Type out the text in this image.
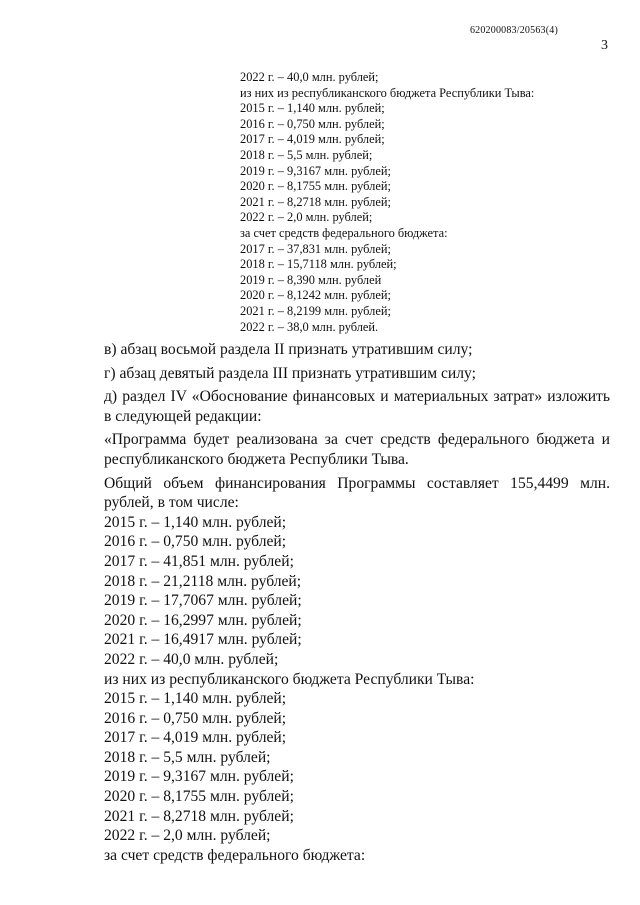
620200083/20563(4)
3
2022 г. – 40,0 млн. рублей;
из них из республиканского бюджета Республики Тыва:
2015 г. – 1,140 млн. рублей;
2016 г. – 0,750 млн. рублей;
2017 г. – 4,019 млн. рублей;
2018 г. – 5,5 млн. рублей;
2019 г. – 9,3167 млн. рублей;
2020 г. – 8,1755 млн. рублей;
2021 г. – 8,2718 млн. рублей;
2022 г. – 2,0 млн. рублей;
за счет средств федерального бюджета:
2017 г. – 37,831 млн. рублей;
2018 г. – 15,7118 млн. рублей;
2019 г. – 8,390 млн. рублей
2020 г. – 8,1242 млн. рублей;
2021 г. – 8,2199 млн. рублей;
2022 г. – 38,0 млн. рублей.
в) абзац восьмой раздела II признать утратившим силу;
г) абзац девятый раздела III признать утратившим силу;
д) раздел IV «Обоснование финансовых и материальных затрат» изложить в следующей редакции:
«Программа будет реализована за счет средств федерального бюджета и республиканского бюджета Республики Тыва.
Общий объем финансирования Программы составляет 155,4499 млн. рублей, в том числе:
2015 г. – 1,140 млн. рублей;
2016 г. – 0,750 млн. рублей;
2017 г. – 41,851 млн. рублей;
2018 г. – 21,2118 млн. рублей;
2019 г. – 17,7067 млн. рублей;
2020 г. – 16,2997 млн. рублей;
2021 г. – 16,4917 млн. рублей;
2022 г. – 40,0 млн. рублей;
из них из республиканского бюджета Республики Тыва:
2015 г. – 1,140 млн. рублей;
2016 г. – 0,750 млн. рублей;
2017 г. – 4,019 млн. рублей;
2018 г. – 5,5 млн. рублей;
2019 г. – 9,3167 млн. рублей;
2020 г. – 8,1755 млн. рублей;
2021 г. – 8,2718 млн. рублей;
2022 г. – 2,0 млн. рублей;
за счет средств федерального бюджета:
